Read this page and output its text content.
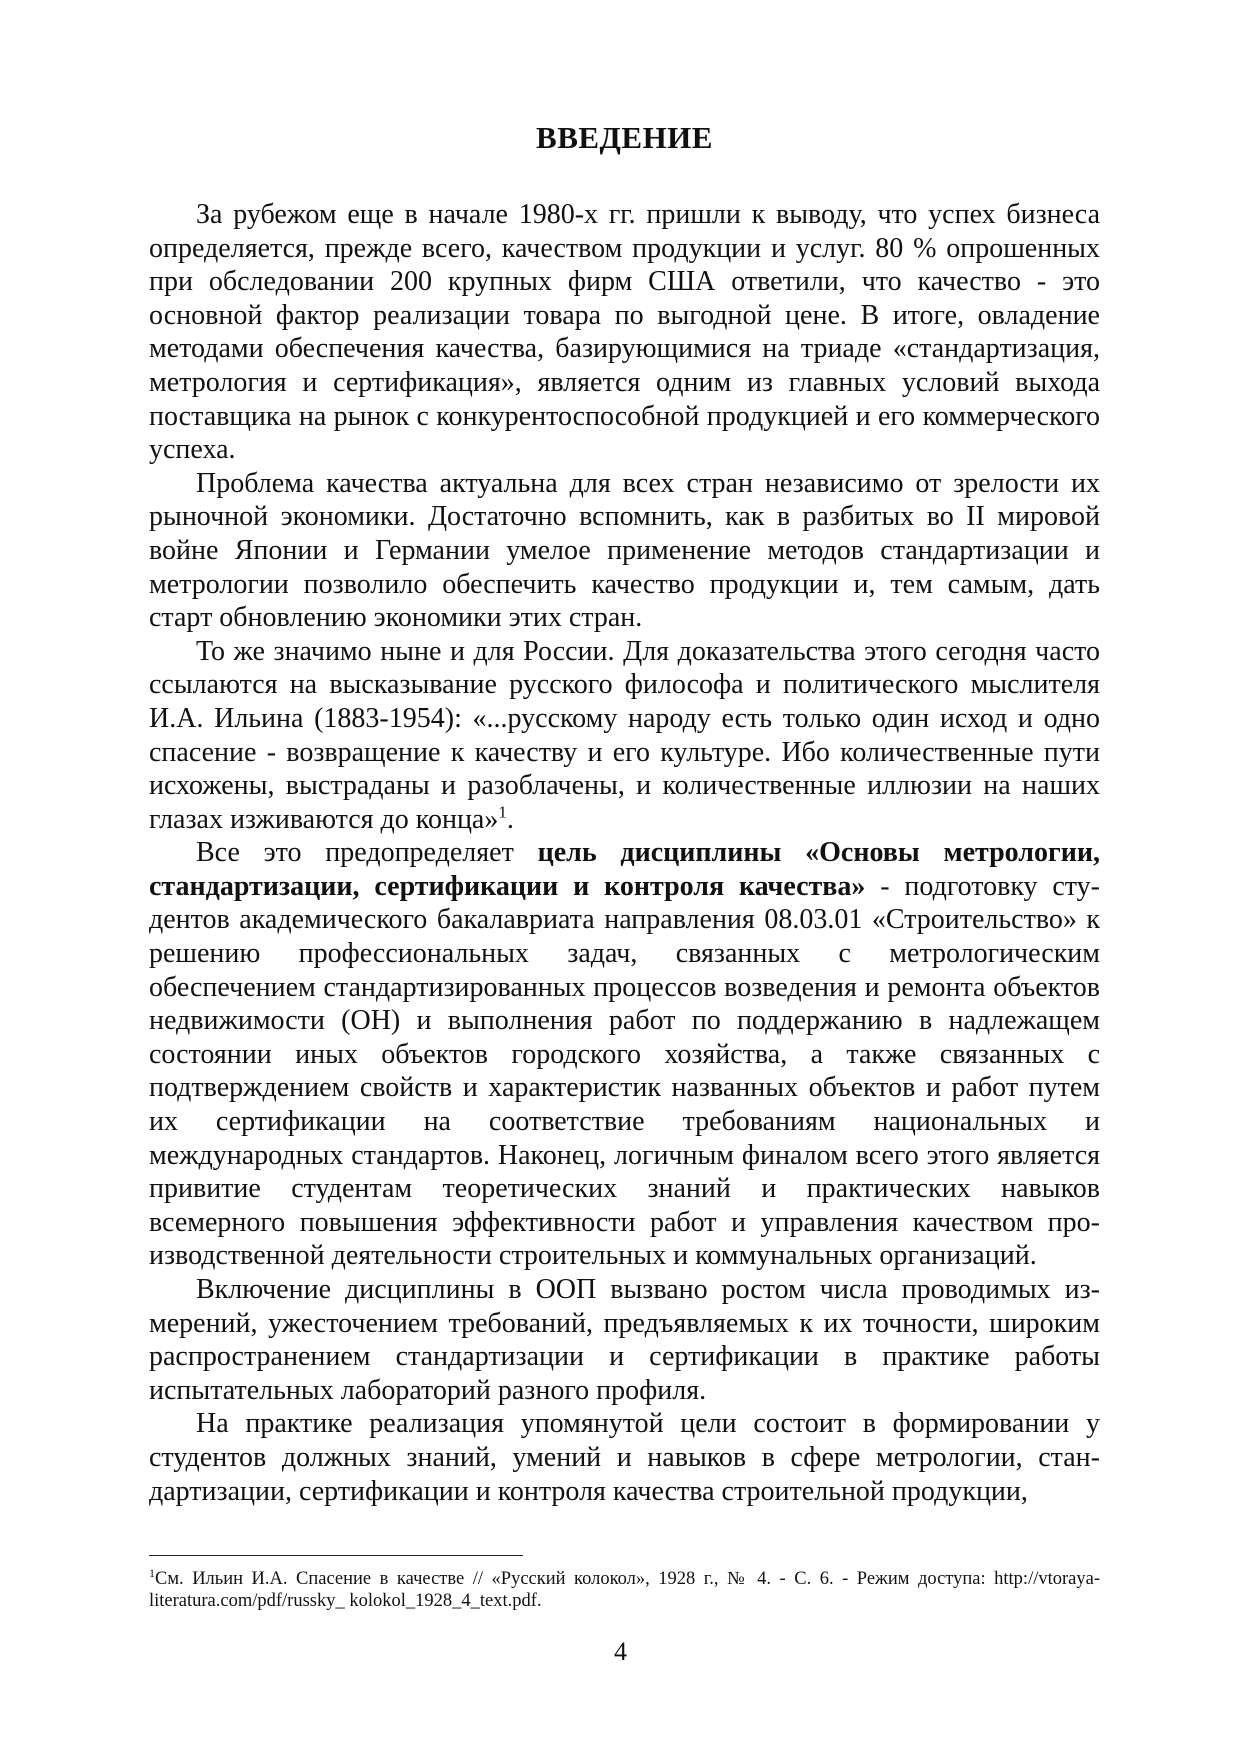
ВВЕДЕНИЕ

За рубежом еще в начале 1980-х гг. пришли к выводу, что успех бизнеса определяется, прежде всего, качеством продукции и услуг. 80 % опрошенных при обследовании 200 крупных фирм США ответили, что качество - это основной фактор реализации товара по выгодной цене. В итоге, овладение методами обеспечения качества, базирующимися на триаде «стандартизация, метрология и сертификация», является одним из главных условий выхода поставщика на рынок с конкурентоспособной продукцией и его коммерческого успеха.

Проблема качества актуальна для всех стран независимо от зрелости их рыночной экономики. Достаточно вспомнить, как в разбитых во II мировой войне Японии и Германии умелое применение методов стандартизации и метрологии позволило обеспечить качество продукции и, тем самым, дать старт обновлению экономики этих стран.

То же значимо ныне и для России. Для доказательства этого сегодня часто ссылаются на высказывание русского философа и политического мыслителя И.А. Ильина (1883-1954): «...русскому народу есть только один исход и одно спасение - возвращение к качеству и его культуре. Ибо количественные пути исхожены, выстраданы и разоблачены, и количественные иллюзии на наших глазах изживаются до конца»$^1$.

Все это предопределяет цель дисциплины «Основы метрологии, стандартизации, сертификации и контроля качества» - подготовку студентов академического бакалавриата направления 08.03.01 «Строительство» к решению профессиональных задач, связанных с метрологическим обеспечением стандартизированных процессов возведения и ремонта объектов недвижимости (ОН) и выполнения работ по поддержанию в надлежащем состоянии иных объектов городского хозяйства, а также связанных с подтверждением свойств и характеристик названных объектов и работ путем их сертификации на соответствие требованиям национальных и международных стандартов. Наконец, логичным финалом всего этого является привитие студентам теоретических знаний и практических навыков всемерного повышения эффективности работ и управления качеством производственной деятельности строительных и коммунальных организаций.

Включение дисциплины в ООП вызвано ростом числа проводимых измерений, ужесточением требований, предъявляемых к их точности, широким распространением стандартизации и сертификации в практике работы испытательных лабораторий разного профиля.

На практике реализация упомянутой цели состоит в формировании у студентов должных знаний, умений и навыков в сфере метрологии, стандартизации, сертификации и контроля качества строительной продукции,

$^1$См. Ильин И.А. Спасение в качестве // «Русский колокол», 1928 г., № 4. - С. 6. - Режим доступа: http://vtoraya-literatura.com/pdf/russky_ kolokol_1928_4_text.pdf.

4
